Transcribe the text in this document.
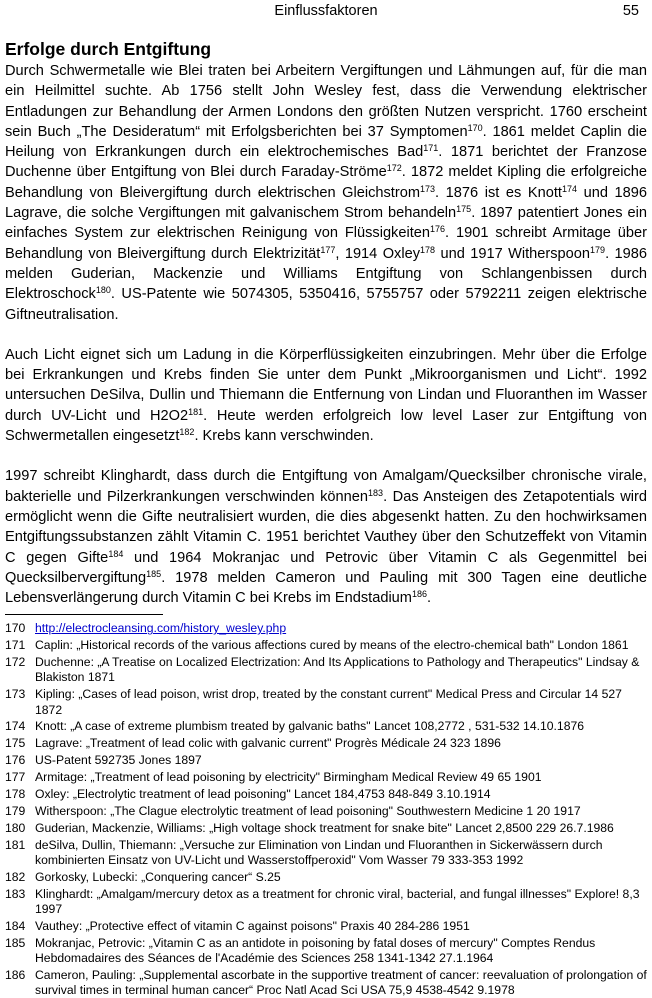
Einflussfaktoren	55
Erfolge durch Entgiftung

Durch Schwermetalle wie Blei traten bei Arbeitern Vergiftungen und Lähmungen auf, für die man ein Heilmittel suchte. Ab 1756 stellt John Wesley fest, dass die Verwendung elektrischer Entladungen zur Behandlung der Armen Londons den größten Nutzen verspricht. 1760 erscheint sein Buch „The Desideratum“ mit Erfolgsberichten bei 37 Symptomen$^{170}$. 1861 meldet Caplin die Heilung von Erkrankungen durch ein elektrochemisches Bad$^{171}$. 1871 berichtet der Franzose Duchenne über Entgiftung von Blei durch Faraday-Ströme$^{172}$. 1872 meldet Kipling die erfolgreiche Behandlung von Bleivergiftung durch elektrischen Gleichstrom$^{173}$. 1876 ist es Knott$^{174}$ und 1896 Lagrave, die solche Vergiftungen mit galvanischem Strom behandeln$^{175}$. 1897 patentiert Jones ein einfaches System zur elektrischen Reinigung von Flüssigkeiten$^{176}$. 1901 schreibt Armitage über Behandlung von Bleivergiftung durch Elektrizität$^{177}$, 1914 Oxley$^{178}$ und 1917 Witherspoon$^{179}$. 1986 melden Guderian, Mackenzie und Williams Entgiftung von Schlangenbissen durch Elektroschock$^{180}$. US-Patente wie 5074305, 5350416, 5755757 oder 5792211 zeigen elektrische Giftneutralisation.

Auch Licht eignet sich um Ladung in die Körperflüssigkeiten einzubringen. Mehr über die Erfolge bei Erkrankungen und Krebs finden Sie unter dem Punkt „Mikroorganismen und Licht“. 1992 untersuchen DeSilva, Dullin und Thiemann die Entfernung von Lindan und Fluoranthen im Wasser durch UV-Licht und $H2O2^{181}$. Heute werden erfolgreich low level Laser zur Entgiftung von Schwermetallen eingesetzt$^{182}$. Krebs kann verschwinden.

1997 schreibt Klinghardt, dass durch die Entgiftung von Amalgam/Quecksilber chronische virale, bakterielle und Pilzerkrankungen verschwinden können$^{183}$. Das Ansteigen des Zetapotentials wird ermöglicht wenn die Gifte neutralisiert wurden, die dies abgesenkt hatten. Zu den hochwirksamen Entgiftungssubstanzen zählt Vitamin C. 1951 berichtet Vauthey über den Schutzeffekt von Vitamin C gegen Gifte$^{184}$ und 1964 Mokranjac und Petrovic über Vitamin C als Gegenmittel bei Quecksilbervergiftung$^{185}$. 1978 melden Cameron und Pauling mit 300 Tagen eine deutliche Lebensverlängerung durch Vitamin C bei Krebs im Endstadium$^{186}$.

170 http://electrocleansing.com/history_wesley.php
171 Caplin: „Historical records of the various affections cured by means of the electro-chemical bath" London 1861
172 Duchenne: „A Treatise on Localized Electrization: And Its Applications to Pathology and Therapeutics" Lindsay & Blakiston 1871
173 Kipling: „Cases of lead poison, wrist drop, treated by the constant current" Medical Press and Circular 14 527 1872
174 Knott: „A case of extreme plumbism treated by galvanic baths" Lancet 108,2772 , 531-532 14.10.1876
175 Lagrave: „Treatment of lead colic with galvanic current" Progrès Médicale 24 323 1896
176 US-Patent 592735 Jones 1897
177 Armitage: „Treatment of lead poisoning by electricity" Birmingham Medical Review 49 65 1901
178 Oxley: „Electrolytic treatment of lead poisoning" Lancet 184,4753 848-849 3.10.1914
179 Witherspoon: „The Clague electrolytic treatment of lead poisoning" Southwestern Medicine 1 20 1917
180 Guderian, Mackenzie, Williams: „High voltage shock treatment for snake bite" Lancet 2,8500 229 26.7.1986
181 deSilva, Dullin, Thiemann: „Versuche zur Elimination von Lindan und Fluoranthen in Sickerwässern durch kombinierten Einsatz von UV-Licht und Wasserstoffperoxid" Vom Wasser 79 333-353 1992
182 Gorkosky, Lubecki: „Conquering cancer“ S.25
183 Klinghardt: „Amalgam/mercury detox as a treatment for chronic viral, bacterial, and fungal illnesses" Explore! 8,3 1997
184 Vauthey: „Protective effect of vitamin C against poisons" Praxis 40 284-286 1951
185 Mokranjac, Petrovic: „Vitamin C as an antidote in poisoning by fatal doses of mercury" Comptes Rendus Hebdomadaires des Séances de l'Académie des Sciences 258 1341-1342 27.1.1964
186 Cameron, Pauling: „Supplemental ascorbate in the supportive treatment of cancer: reevaluation of prolongation of survival times in terminal human cancer“ Proc Natl Acad Sci USA 75,9 4538-4542 9.1978
